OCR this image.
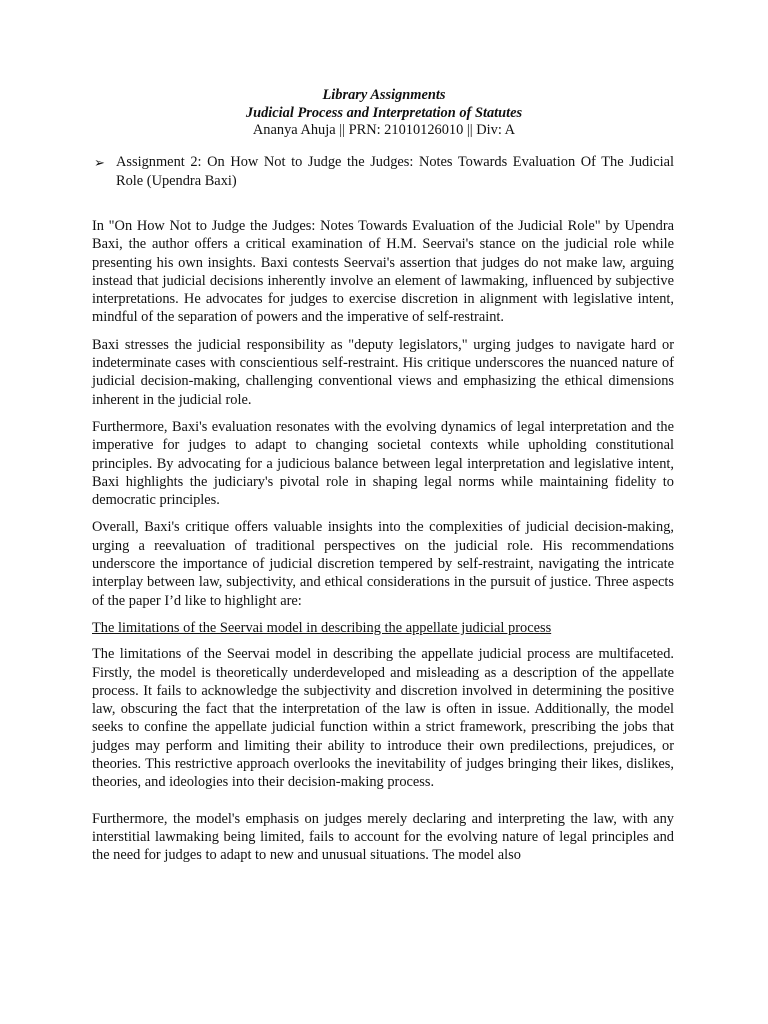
Library Assignments
Judicial Process and Interpretation of Statutes
Ananya Ahuja || PRN: 21010126010 || Div: A
➢ Assignment 2: On How Not to Judge the Judges: Notes Towards Evaluation Of The Judicial Role (Upendra Baxi)

In "On How Not to Judge the Judges: Notes Towards Evaluation of the Judicial Role" by Upendra Baxi, the author offers a critical examination of H.M. Seervai's stance on the judicial role while presenting his own insights. Baxi contests Seervai's assertion that judges do not make law, arguing instead that judicial decisions inherently involve an element of lawmaking, influenced by subjective interpretations. He advocates for judges to exercise discretion in alignment with legislative intent, mindful of the separation of powers and the imperative of self-restraint.

Baxi stresses the judicial responsibility as "deputy legislators," urging judges to navigate hard or indeterminate cases with conscientious self-restraint. His critique underscores the nuanced nature of judicial decision-making, challenging conventional views and emphasizing the ethical dimensions inherent in the judicial role.

Furthermore, Baxi's evaluation resonates with the evolving dynamics of legal interpretation and the imperative for judges to adapt to changing societal contexts while upholding constitutional principles. By advocating for a judicious balance between legal interpretation and legislative intent, Baxi highlights the judiciary's pivotal role in shaping legal norms while maintaining fidelity to democratic principles.

Overall, Baxi's critique offers valuable insights into the complexities of judicial decision-making, urging a reevaluation of traditional perspectives on the judicial role. His recommendations underscore the importance of judicial discretion tempered by self-restraint, navigating the intricate interplay between law, subjectivity, and ethical considerations in the pursuit of justice. Three aspects of the paper I’d like to highlight are:

The limitations of the Seervai model in describing the appellate judicial process

The limitations of the Seervai model in describing the appellate judicial process are multifaceted. Firstly, the model is theoretically underdeveloped and misleading as a description of the appellate process. It fails to acknowledge the subjectivity and discretion involved in determining the positive law, obscuring the fact that the interpretation of the law is often in issue. Additionally, the model seeks to confine the appellate judicial function within a strict framework, prescribing the jobs that judges may perform and limiting their ability to introduce their own predilections, prejudices, or theories. This restrictive approach overlooks the inevitability of judges bringing their likes, dislikes, theories, and ideologies into their decision-making process.

Furthermore, the model's emphasis on judges merely declaring and interpreting the law, with any interstitial lawmaking being limited, fails to account for the evolving nature of legal principles and the need for judges to adapt to new and unusual situations. The model also
